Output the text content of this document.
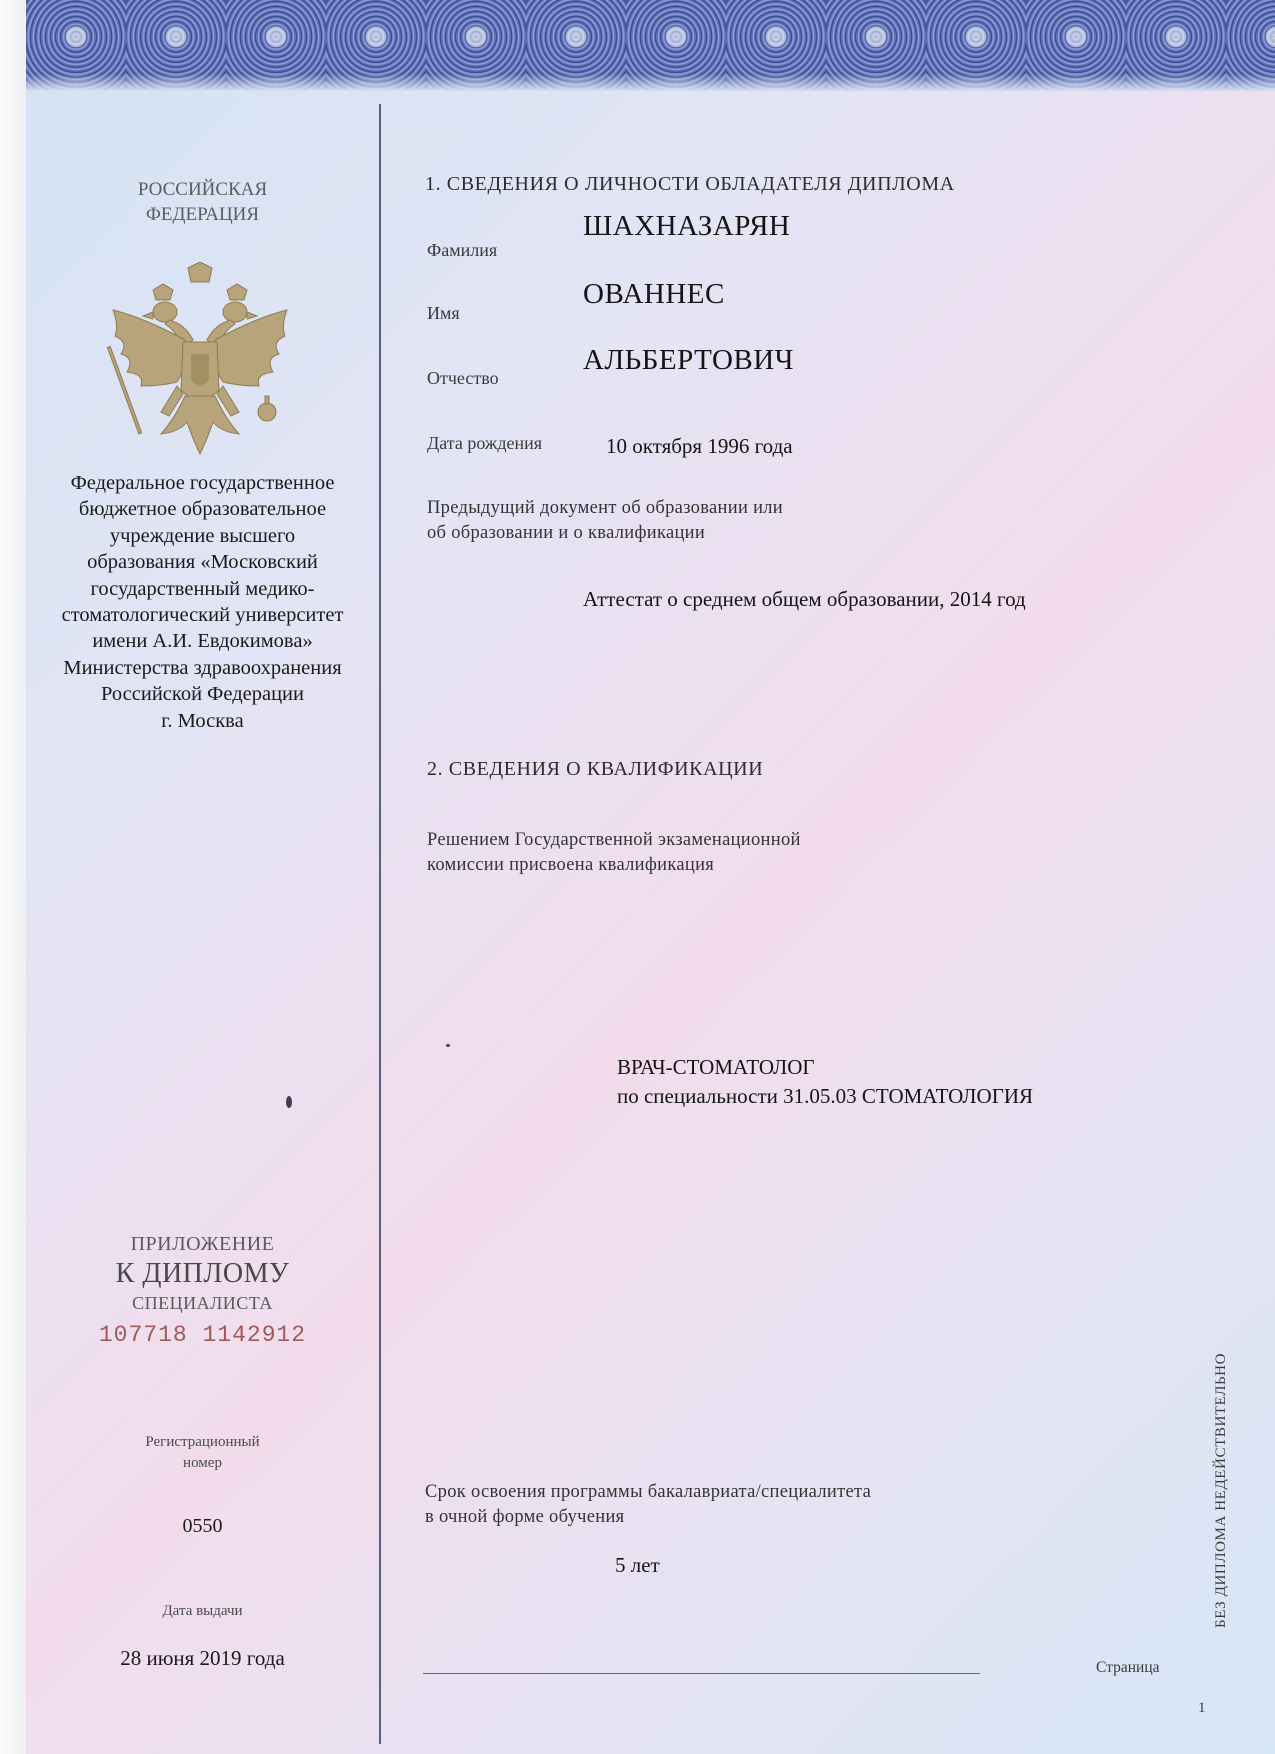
РОССИЙСКАЯ
ФЕДЕРАЦИЯ
Федеральное государственное
бюджетное образовательное
учреждение высшего
образования «Московский
государственный медико-
стоматологический университет
имени А.И. Евдокимова»
Министерства здравоохранения
Российской Федерации
г. Москва
ПРИЛОЖЕНИЕ
К ДИПЛОМУ
СПЕЦИАЛИСТА
107718 1142912
Регистрационный
номер
0550
Дата выдачи
28 июня 2019 года
1. СВЕДЕНИЯ О ЛИЧНОСТИ ОБЛАДАТЕЛЯ ДИПЛОМА
Фамилия
ШАХНАЗАРЯН
Имя
ОВАННЕС
Отчество
АЛЬБЕРТОВИЧ
Дата рождения	10 октября 1996 года
Предыдущий документ об образовании или
об образовании и о квалификации
Аттестат о среднем общем образовании, 2014 год
2. СВЕДЕНИЯ О КВАЛИФИКАЦИИ
Решением Государственной экзаменационной
комиссии присвоена квалификация
ВРАЧ-СТОМАТОЛОГ
по специальности 31.05.03 СТОМАТОЛОГИЯ
Срок освоения программы бакалавриата/специалитета
в очной форме обучения
5 лет
Страница
1
БЕЗ ДИПЛОМА НЕДЕЙСТВИТЕЛЬНО
